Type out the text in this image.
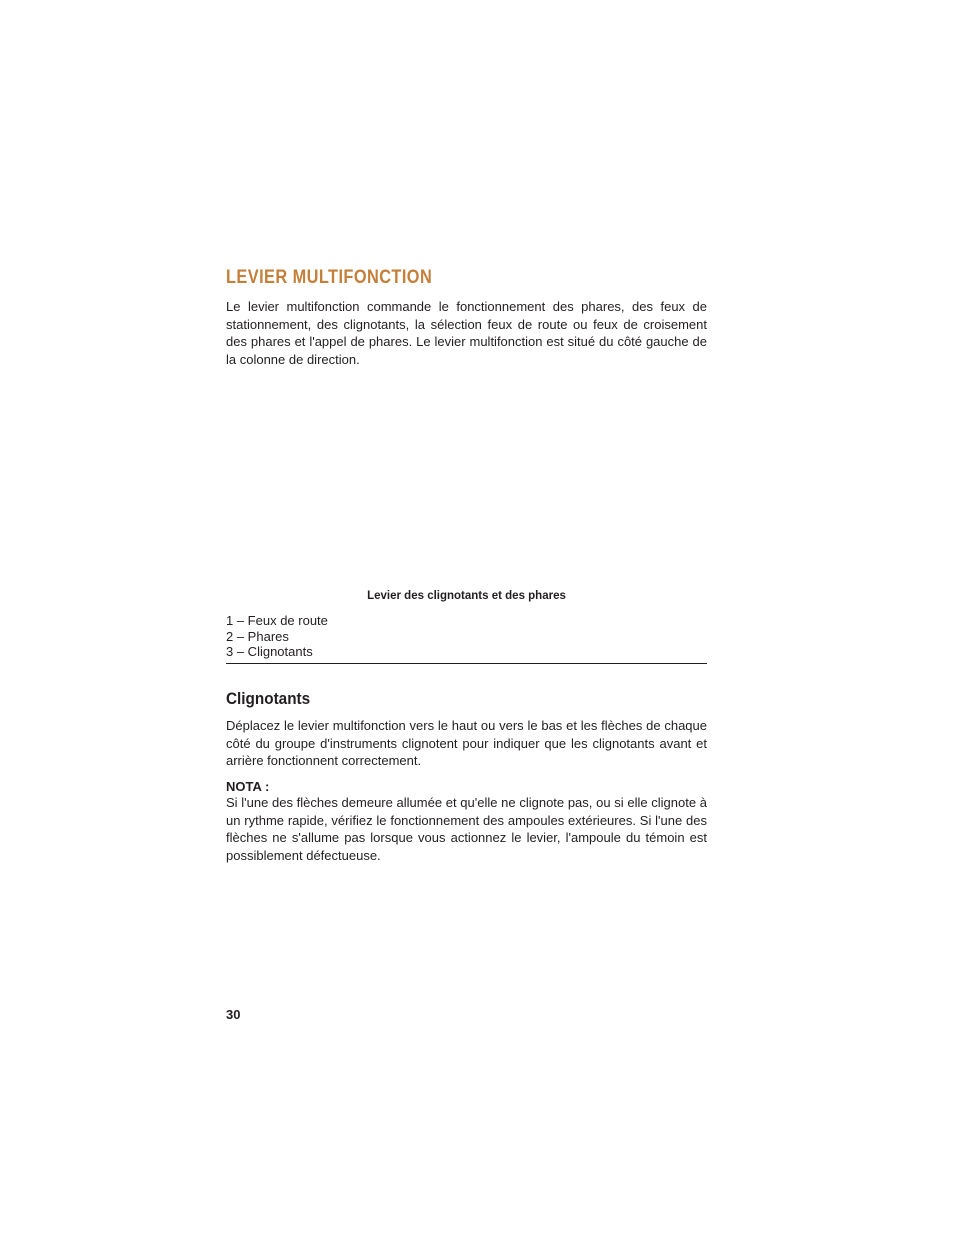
LEVIER MULTIFONCTION

Le levier multifonction commande le fonctionnement des phares, des feux de stationnement, des clignotants, la sélection feux de route ou feux de croisement des phares et l'appel de phares. Le levier multifonction est situé du côté gauche de la colonne de direction.

Levier des clignotants et des phares

1 – Feux de route
2 – Phares
3 – Clignotants
Clignotants

Déplacez le levier multifonction vers le haut ou vers le bas et les flèches de chaque côté du groupe d'instruments clignotent pour indiquer que les clignotants avant et arrière fonctionnent correctement.

NOTA :

Si l'une des flèches demeure allumée et qu'elle ne clignote pas, ou si elle clignote à un rythme rapide, vérifiez le fonctionnement des ampoules extérieures. Si l'une des flèches ne s'allume pas lorsque vous actionnez le levier, l'ampoule du témoin est possiblement défectueuse.

30
